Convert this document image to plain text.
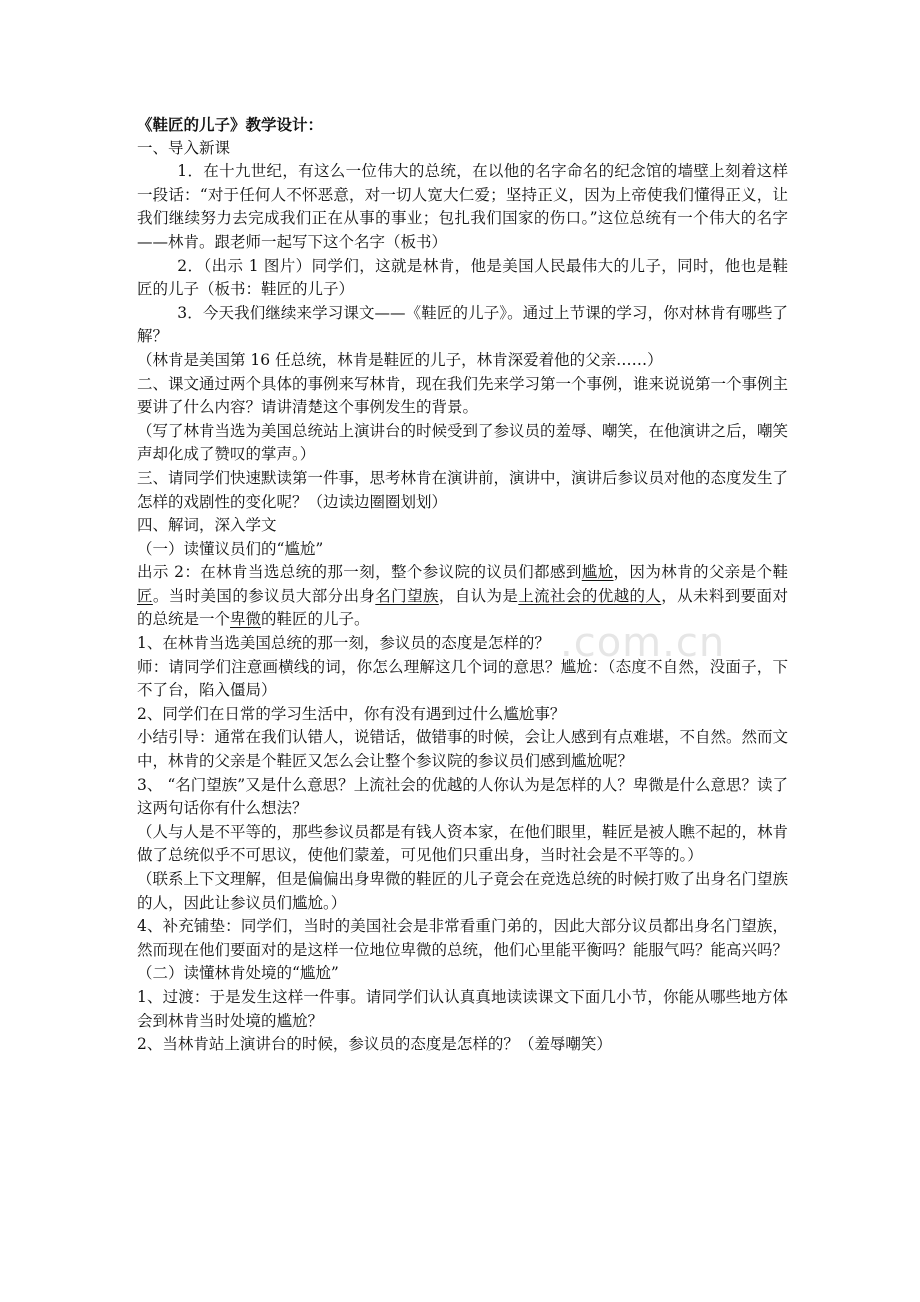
.com.cn

《鞋匠的儿子》教学设计：

一、导入新课

1．在十九世纪，有这么一位伟大的总统，在以他的名字命名的纪念馆的墙壁上刻着这样一段话：“对于任何人不怀恶意，对一切人宽大仁爱；坚持正义，因为上帝使我们懂得正义，让我们继续努力去完成我们正在从事的事业；包扎我们国家的伤口。”这位总统有一个伟大的名字——林肯。跟老师一起写下这个名字（板书）

2．（出示 1 图片）同学们，这就是林肯，他是美国人民最伟大的儿子，同时，他也是鞋匠的儿子（板书：鞋匠的儿子）

3．今天我们继续来学习课文——《鞋匠的儿子》。通过上节课的学习，你对林肯有哪些了解？

（林肯是美国第 16 任总统，林肯是鞋匠的儿子，林肯深爱着他的父亲……）

二、课文通过两个具体的事例来写林肯，现在我们先来学习第一个事例，谁来说说第一个事例主要讲了什么内容？请讲清楚这个事例发生的背景。

（写了林肯当选为美国总统站上演讲台的时候受到了参议员的羞辱、嘲笑，在他演讲之后，嘲笑声却化成了赞叹的掌声。）

三、请同学们快速默读第一件事，思考林肯在演讲前，演讲中，演讲后参议员对他的态度发生了怎样的戏剧性的变化呢？（边读边圈圈划划）

四、解词，深入学文

（一）读懂议员们的“尴尬”

出示 2：在林肯当选总统的那一刻，整个参议院的议员们都感到尴尬，因为林肯的父亲是个鞋匠。当时美国的参议员大部分出身名门望族，自认为是上流社会的优越的人，从未料到要面对的总统是一个卑微的鞋匠的儿子。

1、在林肯当选美国总统的那一刻，参议员的态度是怎样的？

师：请同学们注意画横线的词，你怎么理解这几个词的意思？尴尬：（态度不自然，没面子，下不了台，陷入僵局）

2、同学们在日常的学习生活中，你有没有遇到过什么尴尬事？

小结引导：通常在我们认错人，说错话，做错事的时候，会让人感到有点难堪，不自然。然而文中，林肯的父亲是个鞋匠又怎么会让整个参议院的参议员们感到尴尬呢？

3、 “名门望族”又是什么意思？上流社会的优越的人你认为是怎样的人？卑微是什么意思？读了这两句话你有什么想法？

（人与人是不平等的，那些参议员都是有钱人资本家，在他们眼里，鞋匠是被人瞧不起的，林肯做了总统似乎不可思议，使他们蒙羞，可见他们只重出身，当时社会是不平等的。）

（联系上下文理解，但是偏偏出身卑微的鞋匠的儿子竟会在竞选总统的时候打败了出身名门望族的人，因此让参议员们尴尬。）

4、补充铺垫：同学们，当时的美国社会是非常看重门弟的，因此大部分议员都出身名门望族，然而现在他们要面对的是这样一位地位卑微的总统，他们心里能平衡吗？能服气吗？能高兴吗？

（二）读懂林肯处境的“尴尬”

1、过渡：于是发生这样一件事。请同学们认认真真地读读课文下面几小节，你能从哪些地方体会到林肯当时处境的尴尬？

2、当林肯站上演讲台的时候，参议员的态度是怎样的？（羞辱嘲笑）
